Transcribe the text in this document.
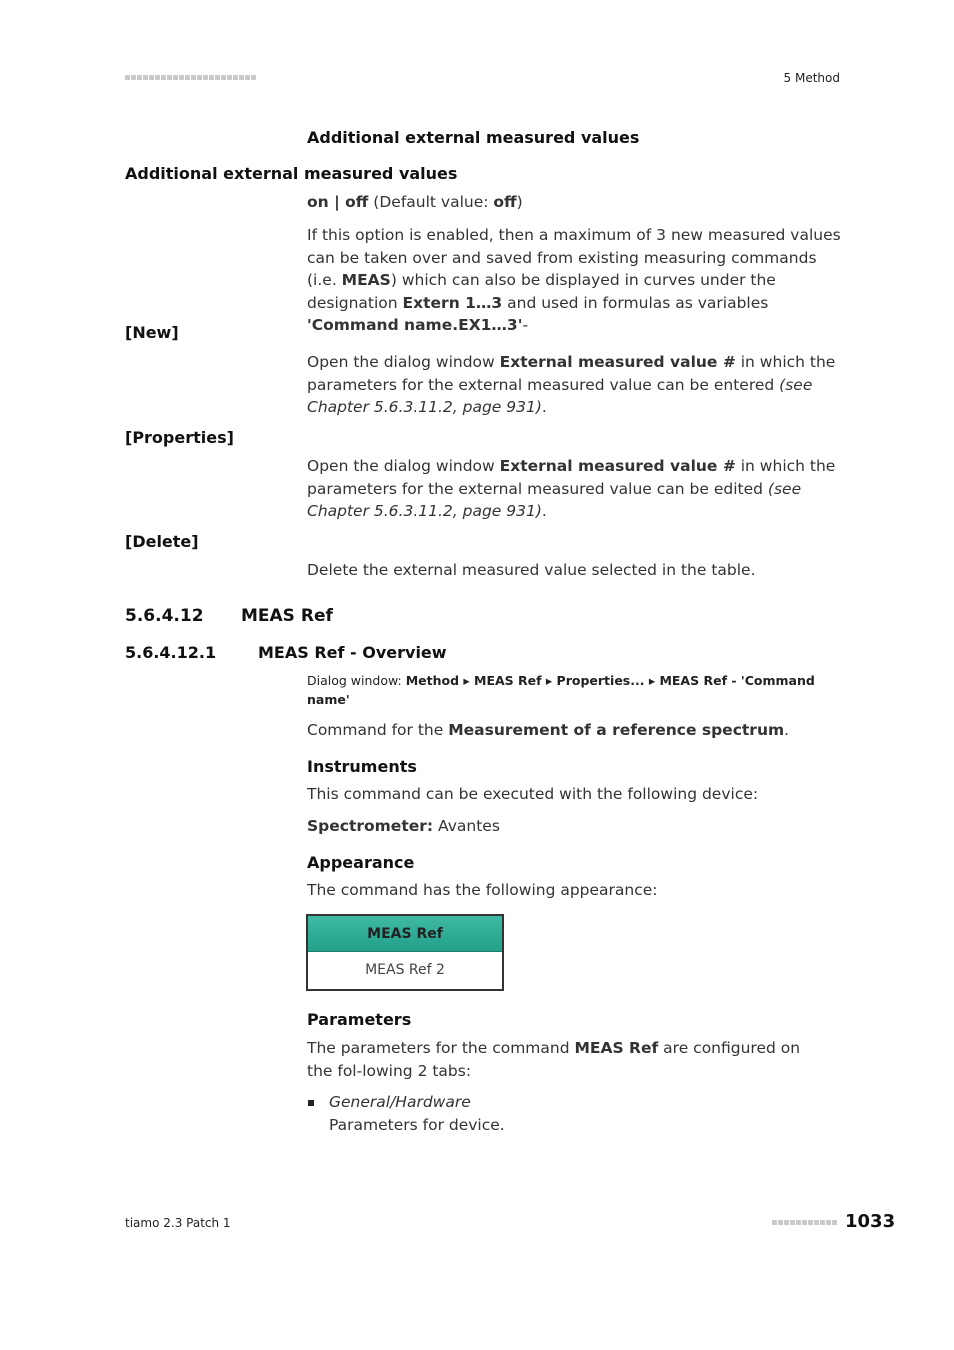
5 Method
Additional external measured values
Additional external measured values
on | off (Default value: off)
If this option is enabled, then a maximum of 3 new measured values can be taken over and saved from existing measuring commands (i.e. MEAS) which can also be displayed in curves under the designation Extern 1…3 and used in formulas as variables 'Command name.EX1…3'-
[New]
Open the dialog window External measured value # in which the parameters for the external measured value can be entered (see Chapter 5.6.3.11.2, page 931).
[Properties]
Open the dialog window External measured value # in which the parameters for the external measured value can be edited (see Chapter 5.6.3.11.2, page 931).
[Delete]
Delete the external measured value selected in the table.
5.6.4.12 MEAS Ref
5.6.4.12.1	MEAS Ref - Overview
Dialog window: Method ▸ MEAS Ref ▸ Properties... ▸ MEAS Ref - 'Command name'
Command for the Measurement of a reference spectrum.
Instruments
This command can be executed with the following device:
Spectrometer: Avantes
Appearance
The command has the following appearance:
MEAS Ref
MEAS Ref 2
Parameters
The parameters for the command MEAS Ref are configured on the fol-lowing 2 tabs:
General/Hardware
Parameters for device.
tiamo 2.3 Patch 1	1033
